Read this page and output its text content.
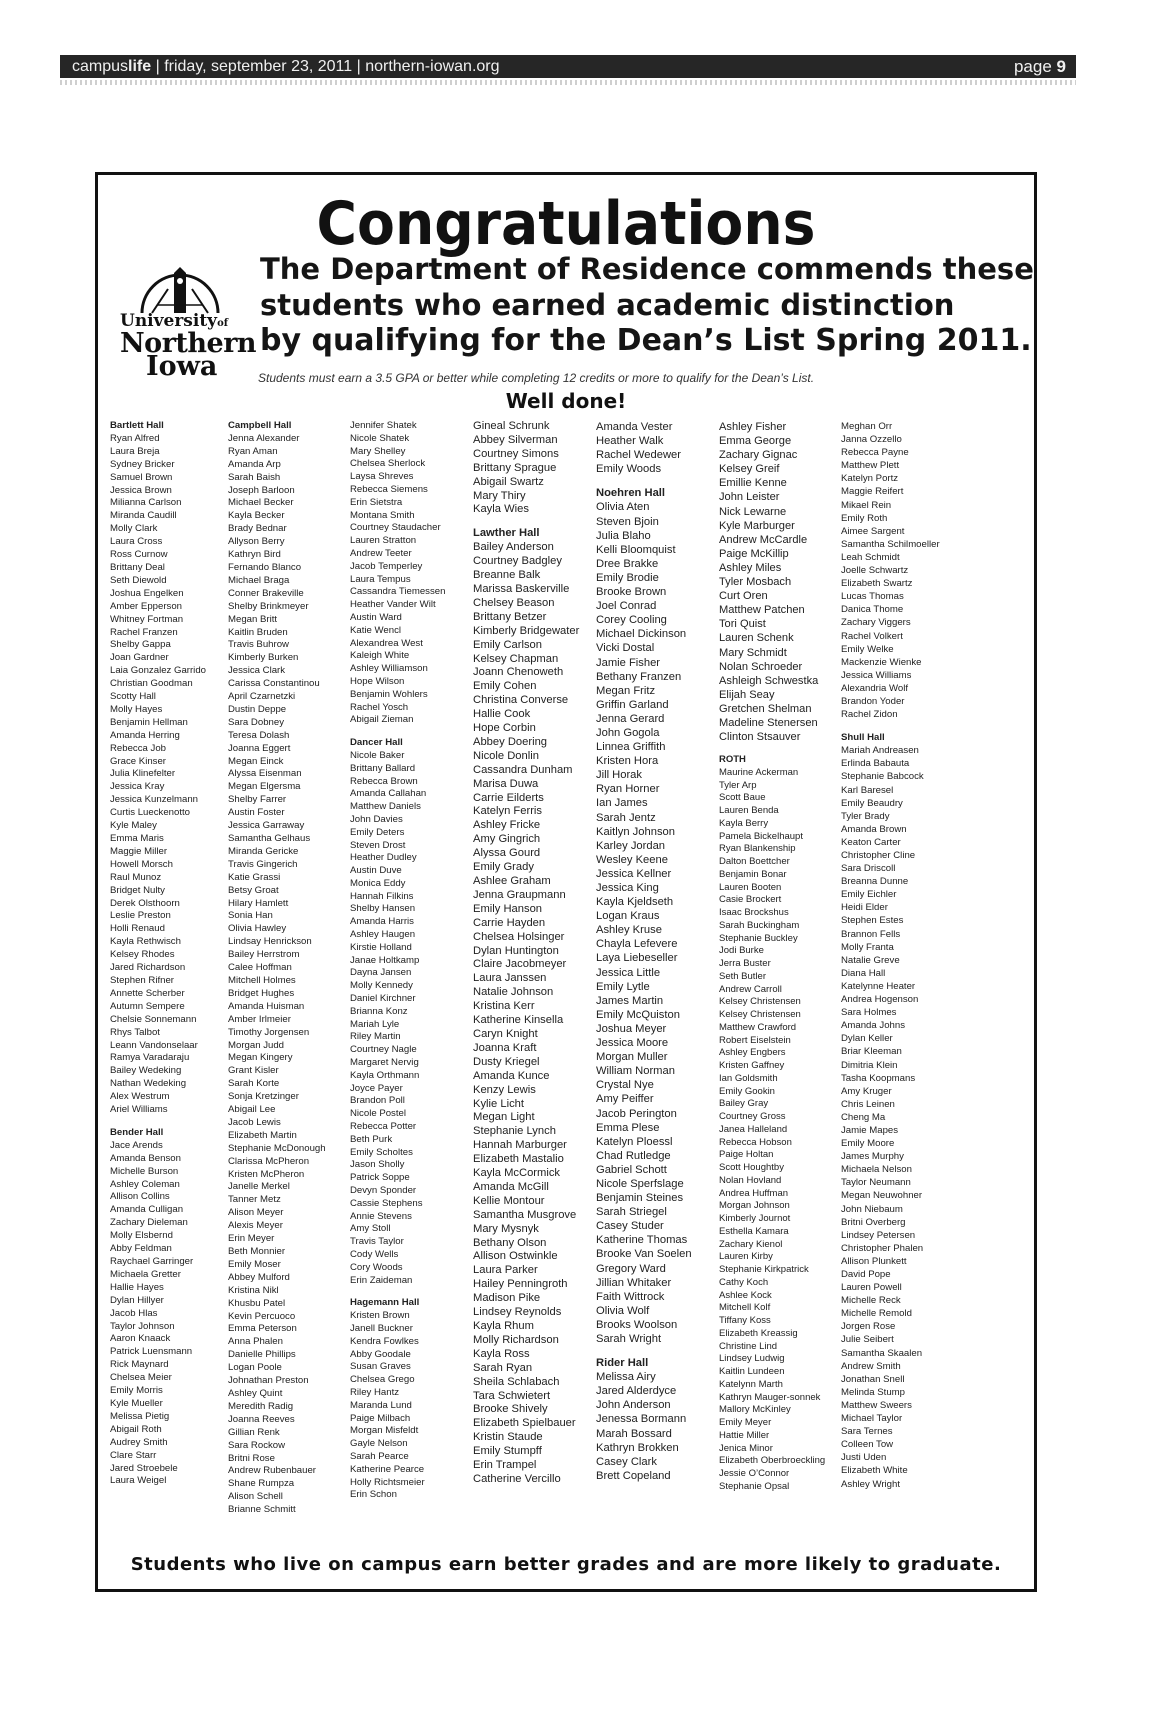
campuslife | friday, september 23, 2011 | northern-iowan.org	page 9
Congratulations
Universityof
Northern
Iowa
The Department of Residence commends these
students who earned academic distinction
by qualifying for the Dean’s List Spring 2011.
Students must earn a 3.5 GPA or better while completing 12 credits or more to qualify for the Dean’s List.
Well done!
Bartlett Hall
Ryan Alfred
Laura Breja
Sydney Bricker
Samuel Brown
Jessica Brown
Milianna Carlson
Miranda Caudill
Molly Clark
Laura Cross
Ross Curnow
Brittany Deal
Seth Diewold
Joshua Engelken
Amber Epperson
Whitney Fortman
Rachel Franzen
Shelby Gappa
Joan Gardner
Laia Gonzalez Garrido
Christian Goodman
Scotty Hall
Molly Hayes
Benjamin Hellman
Amanda Herring
Rebecca Job
Grace Kinser
Julia Klinefelter
Jessica Kray
Jessica Kunzelmann
Curtis Lueckenotto
Kyle Maley
Emma Maris
Maggie Miller
Howell Morsch
Raul Munoz
Bridget Nulty
Derek Olsthoorn
Leslie Preston
Holli Renaud
Kayla Rethwisch
Kelsey Rhodes
Jared Richardson
Stephen Rifner
Annette Scherber
Autumn Sempere
Chelsie Sonnemann
Rhys Talbot
Leann Vandonselaar
Ramya Varadaraju
Bailey Wedeking
Nathan Wedeking
Alex Westrum
Ariel Williams
Bender Hall
Jace Arends
Amanda Benson
Michelle Burson
Ashley Coleman
Allison Collins
Amanda Culligan
Zachary Dieleman
Molly Elsbernd
Abby Feldman
Raychael Garringer
Michaela Gretter
Hallie Hayes
Dylan Hillyer
Jacob Hlas
Taylor Johnson
Aaron Knaack
Patrick Luensmann
Rick Maynard
Chelsea Meier
Emily Morris
Kyle Mueller
Melissa Pietig
Abigail Roth
Audrey Smith
Clare Starr
Jared Stroebele
Laura Weigel
Campbell Hall
Jenna Alexander
Ryan Aman
Amanda Arp
Sarah Baish
Joseph Barloon
Michael Becker
Kayla Becker
Brady Bednar
Allyson Berry
Kathryn Bird
Fernando Blanco
Michael Braga
Conner Brakeville
Shelby Brinkmeyer
Megan Britt
Kaitlin Bruden
Travis Buhrow
Kimberly Burken
Jessica Clark
Carissa Constantinou
April Czarnetzki
Dustin Deppe
Sara Dobney
Teresa Dolash
Joanna Eggert
Megan Einck
Alyssa Eisenman
Megan Elgersma
Shelby Farrer
Austin Foster
Jessica Garraway
Samantha Gelhaus
Miranda Gericke
Travis Gingerich
Katie Grassi
Betsy Groat
Hilary Hamlett
Sonia Han
Olivia Hawley
Lindsay Henrickson
Bailey Herrstrom
Calee Hoffman
Mitchell Holmes
Bridget Hughes
Amanda Huisman
Amber Irlmeier
Timothy Jorgensen
Morgan Judd
Megan Kingery
Grant Kisler
Sarah Korte
Sonja Kretzinger
Abigail Lee
Jacob Lewis
Elizabeth Martin
Stephanie McDonough
Clarissa McPheron
Kristen McPheron
Janelle Merkel
Tanner Metz
Alison Meyer
Alexis Meyer
Erin Meyer
Beth Monnier
Emily Moser
Abbey Mulford
Kristina Nikl
Khusbu Patel
Kevin Percuoco
Emma Peterson
Anna Phalen
Danielle Phillips
Logan Poole
Johnathan Preston
Ashley Quint
Meredith Radig
Joanna Reeves
Gillian Renk
Sara Rockow
Britni Rose
Andrew Rubenbauer
Shane Rumpza
Alison Schell
Brianne Schmitt
Jennifer Shatek
Nicole Shatek
Mary Shelley
Chelsea Sherlock
Laysa Shreves
Rebecca Siemens
Erin Sietstra
Montana Smith
Courtney Staudacher
Lauren Stratton
Andrew Teeter
Jacob Temperley
Laura Tempus
Cassandra Tiemessen
Heather Vander Wilt
Austin Ward
Katie Wencl
Alexandrea West
Kaleigh White
Ashley Williamson
Hope Wilson
Benjamin Wohlers
Rachel Yosch
Abigail Zieman
Dancer Hall
Nicole Baker
Brittany Ballard
Rebecca Brown
Amanda Callahan
Matthew Daniels
John Davies
Emily Deters
Steven Drost
Heather Dudley
Austin Duve
Monica Eddy
Hannah Filkins
Shelby Hansen
Amanda Harris
Ashley Haugen
Kirstie Holland
Janae Holtkamp
Dayna Jansen
Molly Kennedy
Daniel Kirchner
Brianna Konz
Mariah Lyle
Riley Martin
Courtney Nagle
Margaret Nervig
Kayla Orthmann
Joyce Payer
Brandon Poll
Nicole Postel
Rebecca Potter
Beth Purk
Emily Scholtes
Jason Sholly
Patrick Soppe
Devyn Sponder
Cassie Stephens
Annie Stevens
Amy Stoll
Travis Taylor
Cody Wells
Cory Woods
Erin Zaideman
Hagemann Hall
Kristen Brown
Janell Buckner
Kendra Fowlkes
Abby Goodale
Susan Graves
Chelsea Grego
Riley Hantz
Maranda Lund
Paige Milbach
Morgan Misfeldt
Gayle Nelson
Sarah Pearce
Katherine Pearce
Holly Richtsmeier
Erin Schon
Gineal Schrunk
Abbey Silverman
Courtney Simons
Brittany Sprague
Abigail Swartz
Mary Thiry
Kayla Wies
Lawther Hall
Bailey Anderson
Courtney Badgley
Breanne Balk
Marissa Baskerville
Chelsey Beason
Brittany Betzer
Kimberly Bridgewater
Emily Carlson
Kelsey Chapman
Joann Chenoweth
Emily Cohen
Christina Converse
Hallie Cook
Hope Corbin
Abbey Doering
Nicole Donlin
Cassandra Dunham
Marisa Duwa
Carrie Eilderts
Katelyn Ferris
Ashley Fricke
Amy Gingrich
Alyssa Gourd
Emily Grady
Ashlee Graham
Jenna Graupmann
Emily Hanson
Carrie Hayden
Chelsea Holsinger
Dylan Huntington
Claire Jacobmeyer
Laura Janssen
Natalie Johnson
Kristina Kerr
Katherine Kinsella
Caryn Knight
Joanna Kraft
Dusty Kriegel
Amanda Kunce
Kenzy Lewis
Kylie Licht
Megan Light
Stephanie Lynch
Hannah Marburger
Elizabeth Mastalio
Kayla McCormick
Amanda McGill
Kellie Montour
Samantha Musgrove
Mary Mysnyk
Bethany Olson
Allison Ostwinkle
Laura Parker
Hailey Penningroth
Madison Pike
Lindsey Reynolds
Kayla Rhum
Molly Richardson
Kayla Ross
Sarah Ryan
Sheila Schlabach
Tara Schwietert
Brooke Shively
Elizabeth Spielbauer
Kristin Staude
Emily Stumpff
Erin Trampel
Catherine Vercillo
Amanda Vester
Heather Walk
Rachel Wedewer
Emily Woods
Noehren Hall
Olivia Aten
Steven Bjoin
Julia Blaho
Kelli Bloomquist
Dree Brakke
Emily Brodie
Brooke Brown
Joel Conrad
Corey Cooling
Michael Dickinson
Vicki Dostal
Jamie Fisher
Bethany Franzen
Megan Fritz
Griffin Garland
Jenna Gerard
John Gogola
Linnea Griffith
Kristen Hora
Jill Horak
Ryan Horner
Ian James
Sarah Jentz
Kaitlyn Johnson
Karley Jordan
Wesley Keene
Jessica Kellner
Jessica King
Kayla Kjeldseth
Logan Kraus
Ashley Kruse
Chayla Lefevere
Laya Liebeseller
Jessica Little
Emily Lytle
James Martin
Emily McQuiston
Joshua Meyer
Jessica Moore
Morgan Muller
William Norman
Crystal Nye
Amy Peiffer
Jacob Perington
Emma Plese
Katelyn Ploessl
Chad Rutledge
Gabriel Schott
Nicole Sperfslage
Benjamin Steines
Sarah Striegel
Casey Studer
Katherine Thomas
Brooke Van Soelen
Gregory Ward
Jillian Whitaker
Faith Wittrock
Olivia Wolf
Brooks Woolson
Sarah Wright
Rider Hall
Melissa Airy
Jared Alderdyce
John Anderson
Jenessa Bormann
Marah Bossard
Kathryn Brokken
Casey Clark
Brett Copeland
Ashley Fisher
Emma George
Zachary Gignac
Kelsey Greif
Emillie Kenne
John Leister
Nick Lewarne
Kyle Marburger
Andrew McCardle
Paige McKillip
Ashley Miles
Tyler Mosbach
Curt Oren
Matthew Patchen
Tori Quist
Lauren Schenk
Mary Schmidt
Nolan Schroeder
Ashleigh Schwestka
Elijah Seay
Gretchen Shelman
Madeline Stenersen
Clinton Stsauver
ROTH
Maurine Ackerman
Tyler Arp
Scott Baue
Lauren Benda
Kayla Berry
Pamela Bickelhaupt
Ryan Blankenship
Dalton Boettcher
Benjamin Bonar
Lauren Booten
Casie Brockert
Isaac Brockshus
Sarah Buckingham
Stephanie Buckley
Jodi Burke
Jerra Buster
Seth Butler
Andrew Carroll
Kelsey Christensen
Kelsey Christensen
Matthew Crawford
Robert Eiselstein
Ashley Engbers
Kristen Gaffney
Ian Goldsmith
Emily Gookin
Bailey Gray
Courtney Gross
Janea Halleland
Rebecca Hobson
Paige Holtan
Scott Houghtby
Nolan Hovland
Andrea Huffman
Morgan Johnson
Kimberly Journot
Esthella Kamara
Zachary Kienol
Lauren Kirby
Stephanie Kirkpatrick
Cathy Koch
Ashlee Kock
Mitchell Kolf
Tiffany Koss
Elizabeth Kreassig
Christine Lind
Lindsey Ludwig
Kaitlin Lundeen
Katelynn Marth
Kathryn Mauger-sonnek
Mallory McKinley
Emily Meyer
Hattie Miller
Jenica Minor
Elizabeth Oberbroeckling
Jessie O’Connor
Stephanie Opsal
Meghan Orr
Janna Ozzello
Rebecca Payne
Matthew Plett
Katelyn Portz
Maggie Reifert
Mikael Rein
Emily Roth
Aimee Sargent
Samantha Schilmoeller
Leah Schmidt
Joelle Schwartz
Elizabeth Swartz
Lucas Thomas
Danica Thome
Zachary Viggers
Rachel Volkert
Emily Welke
Mackenzie Wienke
Jessica Williams
Alexandria Wolf
Brandon Yoder
Rachel Zidon
Shull Hall
Mariah Andreasen
Erlinda Babauta
Stephanie Babcock
Karl Baresel
Emily Beaudry
Tyler Brady
Amanda Brown
Keaton Carter
Christopher Cline
Sara Driscoll
Breanna Dunne
Emily Eichler
Heidi Elder
Stephen Estes
Brannon Fells
Molly Franta
Natalie Greve
Diana Hall
Katelynne Heater
Andrea Hogenson
Sara Holmes
Amanda Johns
Dylan Keller
Briar Kleeman
Dimitria Klein
Tasha Koopmans
Amy Kruger
Chris Leinen
Cheng Ma
Jamie Mapes
Emily Moore
James Murphy
Michaela Nelson
Taylor Neumann
Megan Neuwohner
John Niebaum
Britni Overberg
Lindsey Petersen
Christopher Phalen
Allison Plunkett
David Pope
Lauren Powell
Michelle Reck
Michelle Remold
Jorgen Rose
Julie Seibert
Samantha Skaalen
Andrew Smith
Jonathan Snell
Melinda Stump
Matthew Sweers
Michael Taylor
Sara Ternes
Colleen Tow
Justi Uden
Elizabeth White
Ashley Wright
Students who live on campus earn better grades and are more likely to graduate.
